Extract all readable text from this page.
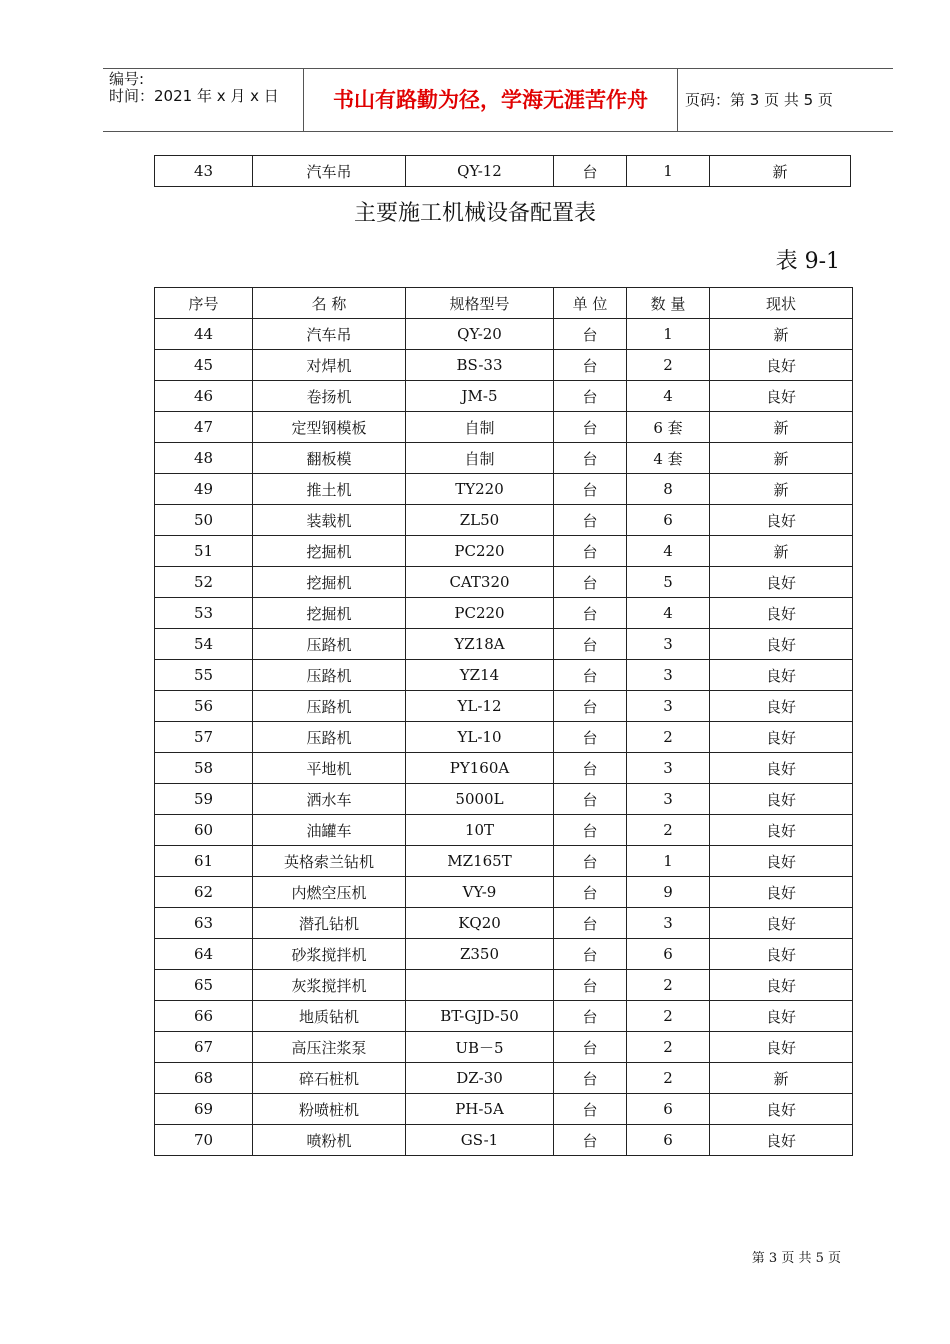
编号:
时间：2021 年 x 月 x 日	书山有路勤为径，学海无涯苦作舟	页码：第 3 页 共 5 页
43	汽车吊	QY-12	台	1	新
主要施工机械设备配置表
表 9-1
序号	名 称	规格型号	单 位	数 量	现状
44	汽车吊	QY-20	台	1	新
45	对焊机	BS-33	台	2	良好
46	卷扬机	JM-5	台	4	良好
47	定型钢模板	自制	台	6 套	新
48	翻板模	自制	台	4 套	新
49	推土机	TY220	台	8	新
50	装载机	ZL50	台	6	良好
51	挖掘机	PC220	台	4	新
52	挖掘机	CAT320	台	5	良好
53	挖掘机	PC220	台	4	良好
54	压路机	YZ18A	台	3	良好
55	压路机	YZ14	台	3	良好
56	压路机	YL-12	台	3	良好
57	压路机	YL-10	台	2	良好
58	平地机	PY160A	台	3	良好
59	洒水车	5000L	台	3	良好
60	油罐车	10T	台	2	良好
61	英格索兰钻机	MZ165T	台	1	良好
62	内燃空压机	VY-9	台	9	良好
63	潜孔钻机	KQ20	台	3	良好
64	砂浆搅拌机	Z350	台	6	良好
65	灰浆搅拌机		台	2	良好
66	地质钻机	BT-GJD-50	台	2	良好
67	高压注浆泵	UB－5	台	2	良好
68	碎石桩机	DZ-30	台	2	新
69	粉喷桩机	PH-5A	台	6	良好
70	喷粉机	GS-1	台	6	良好
第 3 页 共 5 页
